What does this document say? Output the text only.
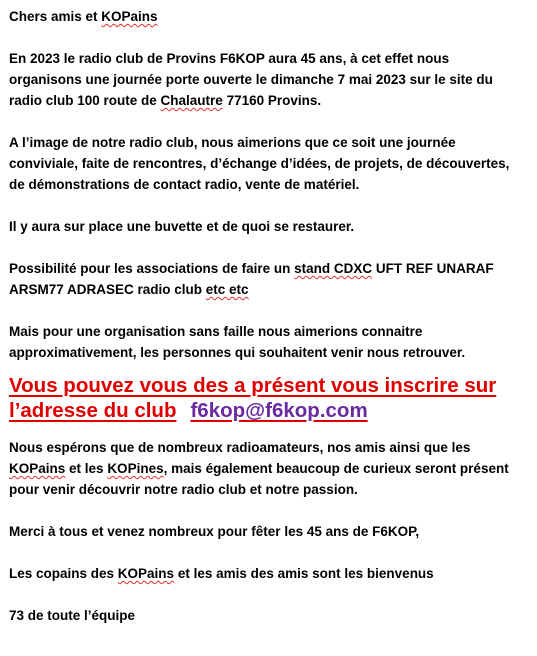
Chers amis et KOPains

En 2023 le radio club de Provins F6KOP aura 45 ans, à cet effet nous
organisons une journée porte ouverte le dimanche 7 mai 2023 sur le site du
radio club 100 route de Chalautre 77160 Provins.

A l’image de notre radio club, nous aimerions que ce soit une journée
conviviale, faite de rencontres, d’échange d’idées, de projets, de découvertes,
de démonstrations de contact radio, vente de matériel.

Il y aura sur place une buvette et de quoi se restaurer.

Possibilité pour les associations de faire un stand CDXC UFT REF UNARAF
ARSM77 ADRASEC radio club etc etc

Mais pour une organisation sans faille nous aimerions connaitre
approximativement, les personnes qui souhaitent venir nous retrouver.

Vous pouvez vous des a présent vous inscrire sur
l’adresse du club f6kop@f6kop.com

Nous espérons que de nombreux radioamateurs, nos amis ainsi que les
KOPains et les KOPines, mais également beaucoup de curieux seront présent
pour venir découvrir notre radio club et notre passion.

Merci à tous et venez nombreux pour fêter les 45 ans de F6KOP,

Les copains des KOPains et les amis des amis sont les bienvenus

73 de toute l’équipe
